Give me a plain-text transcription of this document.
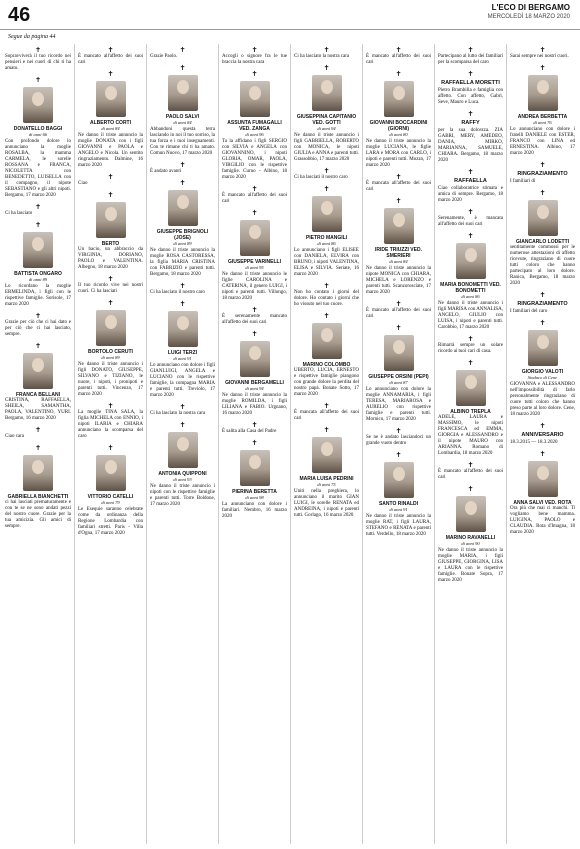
46	L'ECO DI BERGAMO
MERCOLEDÌ 18 MARZO 2020
Segue da pagina 44
✝
Sopravviverà il tuo ricordo nei pensieri e nei cuori di chi ti ha amato.
✝
DONATELLO BAGGI
di anni 66
Con profondo dolore lo annunciano la moglie ROSALBA, la mamma CARMELA, le sorelle ROSSANA e FRANCA, NICOLETTA con BENEDETTO, LUISELLA con il compagno, il nipote SEBASTIANO e gli altri nipoti. Bergamo, 17 marzo 2020
✝
Ci ha lasciato
✝
BATTISTA ONGARO
di anni 89
Lo ricordano la moglie ERMELINDA, i figli con le rispettive famiglie. Sorisole, 17 marzo 2020
✝
Grazie per ciò che ci hai dato e per ciò che ci hai lasciato, sempre.
✝
FRANCA BELLANI
CRISTINA, RAFFAELLA, SHEILA, SAMANTHA, PAOLA, VALENTINO, YURI. Bergamo, 16 marzo 2020
✝
Ciao cara
✝
GABRIELLA BIANCHETTI
ci hai lasciati prematuramente e con te se ne sono andati pezzi del nostro cuore. Grazie per la tua amicizia. Gli amici di sempre.
✝
È mancato all'affetto dei suoi cari
✝
ALBERTO CORTI
di anni 84
Ne danno il triste annuncio la moglie DONATA con i figli GIOVANNI e PAOLA e ANGELO e Nicola. Un sentito ringraziamento. Dalmine, 16 marzo 2020
✝
Ciao
✝
BERTO
Un bacio, un abbraccio da VIRGINIA, DORIANO, PAOLO e VALENTINA. Albegno, 18 marzo 2020
✝
Il tuo ricordo vive nei nostri cuori. Ci ha lasciati
✝
BORTOLO CERUTI
di anni 89
Ne danno il triste annuncio i figli DONATO, GIUSEPPE, SILVANO e TIZIANO, le nuore, i nipoti, i pronipoti e parenti tutti. Vincenzo, 17 marzo 2020
✝
La moglie TINA SALA, la figlia MICHELA con ENNIO, i nipoti ILARIA e CHIARA annunciano la scomparsa del caro
✝
VITTORIO CATELLI
di anni 79
Le Esequie saranno celebrate come da ordinanza della Regione Lombardia con familiari stretti. Paris - Villa d'Ogna, 17 marzo 2020
✝
Grazie Paolo.
✝
PAOLO SALVI
di anni 84
Abbandoni questa terra lasciando in noi il tuo sorriso, la tua forza e i tuoi insegnamenti. Con te rimane chi ti ha amato. Comun Nuovo, 17 marzo 2020
✝
È andato avanti
✝
GIUSEPPE BRIGNOLI (JOSE)
di anni 89
Ne danno il triste annuncio la moglie ROSA CASTORESSA, la figlia MARIA CRISTINA con FABRIZIO e parenti tutti. Bergamo, 18 marzo 2020
✝
Ci ha lasciato il nostro caro
✝
LUIGI TERZI
di anni 91
Lo annunciano con dolore i figli GIANLUIGI, ANGELA e LUCIANO con le rispettive famiglie, la compagna MARIA e parenti tutti. Treviolo, 17 marzo 2020
✝
Ci ha lasciato la nostra cara
✝
ANTONIA QUIPPONI
di anni 93
Ne danno il triste annuncio i nipoti con le rispettive famiglie e parenti tutti. Torre Boldone, 17 marzo 2020
✝
Accogli o signore fra le tue braccia la nostra cara
✝
ASSUNTA FUMAGALLI VED. ZANGA
di anni 96
Ta la affidano i figli SERGIO con SILVIA e ANGELA con GIOVANNINO, i nipoti GLORIA, OMAR, PAOLA, VIRGILIO con le rispettive famiglie. Curno - Albino, 18 marzo 2020
✝
È mancato all'affetto dei suoi cari
✝
GIUSEPPE VARINELLI
di anni 95
Ne danno il triste annuncio le figlie CAROLINA e CATERINA, il genero LUIGI, i nipoti e parenti tutti. Villongo, 18 marzo 2020
✝
È serenamente mancato all'affetto dei suoi cari
✝
GIOVANNI BERGAMELLI
di anni 94
Ne danno il triste annuncio la moglie ROMILDA, i figli LILIANA e FABIO. Urgnano, 16 marzo 2020
✝
È salita alla Casa del Padre
✝
PIERINA BERETTA
di anni 98
La annunciano con dolore i familiari. Nembro, 16 marzo 2020
✝
Ci ha lasciato la nostra cara
✝
GIUSEPPINA CAPITANIO VED. GOTTI
di anni 94
Ne danno il triste annuncio i figli GABRIELLA, ROBERTO con MONICA, le nipoti GIULIA e ANNA e parenti tutti. Grassobbio, 17 marzo 2020
✝
Ci ha lasciati il nostro caro
✝
PIETRO MANGILI
di anni 86
Lo annunciano i figli ELISEE con DANIELA, ELVIRA con BRUNO, i nipoti VALENTINA, ELISA e SILVIA. Seriate, 16 marzo 2020
✝
Non ho contato i giorni del dolore. Ho contato i giorni che ho vissuto nel tuo cuore.
✝
MARINO COLOMBO
UBERTO, LUCIA, ERNESTO e rispettive famiglie piangono con grande dolore la perdita del nostro papà. Bonate Sotto, 17 marzo 2020
✝
È mancata all'affetto dei suoi cari
✝
MARIA LUISA PEDRINI
di anni 75
Uniti nella preghiera, lo annunciano il marito GIAN LUIGI, le sorelle RENATA ed ANDREINA, i nipoti e parenti tutti. Gorlago, 16 marzo 2020
✝
È mancato all'affetto dei suoi cari
✝
GIOVANNI BOCCARDINI (GIORNI)
di anni 80
Ne danno il triste annuncio la moglie LUCIANA, le figlie LARA e MORA con CARLO, i nipoti e parenti tutti. Mozzo, 17 marzo 2020
✝
È mancata all'affetto dei suoi cari
✝
IRIDE TRIUZZI VED. SMERIERI
di anni 84
Ne danno il triste annuncio la nipote MONICA con CHIARA, MICHELA e LORENZO e parenti tutti. Scanzorosciate, 17 marzo 2020
✝
È mancato all'affetto dei suoi cari
✝
GIUSEPPE ORSINI (PEPI)
di anni 87
Lo annunciano con dolore la moglie ANNAMARIA, i figli TERESA, MARIAROSA e AURELIO con rispettive famiglie e parenti tutti. Mornico, 17 marzo 2020
✝
Se ne è andato lasciandoci un grande vuoto dentro
✝
SANTO RINALDI
di anni 91
Ne danno il triste annuncio la moglie RAT, i figli LAURA, STEFANO e RENATA e parenti tutti. Verdello, 18 marzo 2020
✝
Partecipano al lutto dei familiari per la scomparsa del caro
✝
RAFFAELLA MORETTI
Pietro Brambilla e famiglia con affetto. Con affetto, Gabri, Seve, Mauro e Luca.
✝
RAFFY
per la sua dolcezza. ZIA GABRI, MERY, AMEDEO, DANIA, MIRKO, MARIANNA, SAMUELE, CHIARA. Bergamo, 18 marzo 2020
✝
RAFFAELLA
Ciao collaboratrice stimata e amica di sempre. Bergamo, 18 marzo 2020
✝
Serenamente, è mancata all'affetto dei suoi cari
✝
MARIA BONOMETTI VED. BONOMETTI
di anni 86
Ne danno il triste annuncio i figli MARISA con ANNALISA, ANGELO, GIULIO con LUISA, i nipoti e parenti tutti. Carobbio, 17 marzo 2020
✝
Rimarrà sempre un solare ricordo ai tuoi cari di casa.
✝
ALBINO TREPLA
ADELE, LAURA e MASSIMO, le nipoti FRANCESCA ed EMMA, GIORGIA e ALESSANDRO e il nipote MAURO con ARIANNA. Romano di Lombardia, 18 marzo 2020
✝
È mancato all'affetto dei suoi cari
✝
MARINO RAVANELLI
di anni 90
Ne danno il triste annuncio la moglie MARIA, i figli GIUSEPPE, GIORGINA, LISA e LAURA con le rispettive famiglie. Bonate Sopra, 17 marzo 2020
✝
Sarai sempre nei nostri cuori.
✝
ANDREA BERBETTA
di anni 76
Lo annunciano con dolore i fratelli DANIELE con ESTER, FRANCO con LINA ed ERNESTINA. Albino, 17 marzo 2020
✝
RINGRAZIAMENTO
I familiari di
✝
GIANCARLO LODETTI
sentitamente commossi per le numerose attestazioni di affetto ricevute, ringraziano di cuore tutti coloro che hanno partecipato al loro dolore. Ranica, Bergamo, 18 marzo 2020
✝
RINGRAZIAMENTO
I familiari del caro
✝
GIORGIO VALOTI
Sindaco di Cene
GIOVANNA e ALESSANDRO nell'impossibilità di farlo personalmente ringraziano di cuore tutti coloro che hanno preso parte al loro dolore. Cene, 18 marzo 2020
✝
ANNIVERSARIO
18.3.2015 — 18.3.2020
✝
ANNA SALVI VED. ROTA
Ora più che mai ci manchi. Ti vogliamo bene mamma. LUIGINA, PAOLO e CLAUDIA. Rota d'Imagna, 18 marzo 2020
